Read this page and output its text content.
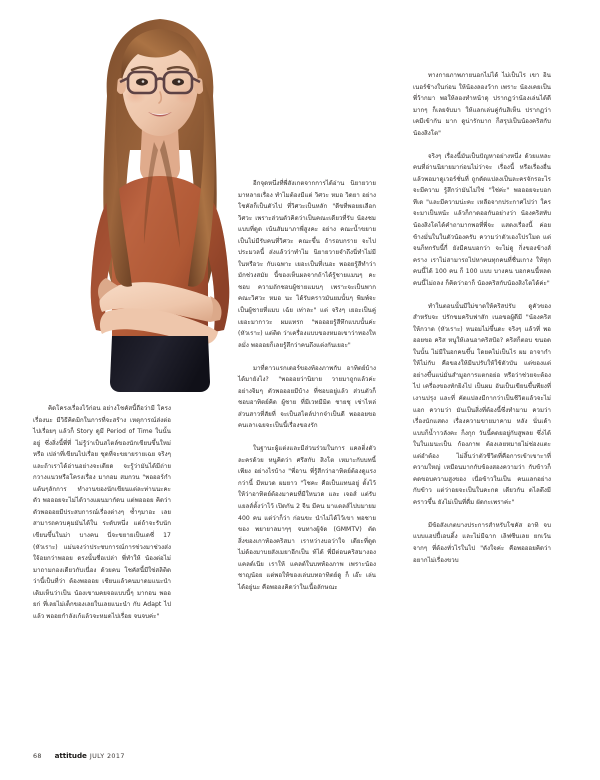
คิดโครงเรื่องไว้ก่อน อย่างโชคัสนี้ถือว่ามี โครงเรื่องนะ มีวิธีคิดมิกในการที่จะสร้าง เหตุการณ์ส่งต่อไปเรื่อยๆ แล้วก็ Story ดูมี Period of Time ในนั้นอยู่ ซึ่งสิ่งนี้พี่ที่ ไม่รู้ว่าเป็นสไตล์ของนักเขียนขึ้นใหม่หรือ เปล่าที่เขียนไปเรื่อย ชุดที่จะขยายรายเฉย จริงๆ และถ้าเราได้อ่านอย่างจะเดียด จะรู้ว่ามันได้มีถ่ายกวางแนวหรือโครงเรื่อง มากอม สมกวน "พอออร์กำแต้นๆลักการ ทำงานของนักเขียนแต่ละท่านนะคะ ตัว พอออยจะไม่ได้วางแผนมากัดน แต่พอออย คิดว่าตัวพอออยมีประสบการณ์เรื่องต่างๆ ซ้ำๆมาอะ เลยสามารถควบคุมมันได้ใน ระดับหนึ่ง แต่ถ้าจะรับนักเขียนขึ้นในม่า บางคน นี่จะขยายเป็นเดซี่ 17 (หัวเราะ) แม่นจงว่าประชบการณ์การช่วงมาช่วงส่ง ใจ้อยกว่าพออย ดรงนั้นชื่อเปล่า พี่ทำให้ น้องต่อไม่มาถามกองเดียวกับเนื่อง ด้วยคน โชคัสนี้มีใช่สลิติดว่านี้เป็นที่ว่า ต้องพอออย เชียนแล้วคนมาดมแนะนำเดิมเห็นว่าเป็น น้องเขามคยจอแบบนี้ๆ มากอน พออยก่ ที่เลยไม่เด็กของเลยในเลยแนะนำ กับ Adapt ไปแล้ว พออยกำลังเก้แล้วจะหมดไปเรื่อย จนจบค่ะ"

อีกจุดหนึ่งที่พี่สังเกตจากการได้อ่าน นิยายวายมาหลายเรื่อง ทำไมต้องมีแต่ วิศวะ หมอ วิดยา อย่างโชคัสก็เป็นตัวไป ที่วิศวะเป็นหลัก "ดีขที่พอยยเลือกวิศวะ เพราะส่วนตัวคิดว่าเป็นคณะเดียวที่รับ น้องชมแบบที่ดูด เน้นสัมมาภาพี่สูงคะ อย่าง คณะน้ำขยาย เป็นไม่มีรับคนที่วิศวะ คณะขึ้น ถ้ารอบกราย จะไปประมวลนี้ ส่งแล้วว่าทำไม นิยายวายจำถึงนี่ทำไม่มีในหรือวะ กับเฉพาะ เยอะเป็นที่เนอะ พออยรู้สีทำว่า มักช่วงสมัย นี้ของเห็นผลจากถ้าได้รู้ชายแมนๆ คะ ชอบ ความถักชอบผู้ชายแมนๆ เพราะจะเป็นพาก คณะวิศวะ หมอ นะ ได้รับคราวมันยมนั้นๆ พิมพ์จะ เป็นผู้ชายที่แมบ เฉ้ย เท่าละ" แต่ จริงๆ เยอะเป็นคู่เยอะมากาวะ ผมแทรก "พอออยรู้สีทึกแบบนั้นค่ะ (หัวเราะ) แต่ติด ว่าเครื่องแบบของหมอเขาว่าทองใหลมั่ง พอออยก็เลยรู้สึกว่าคนถึงแต่งกันเยอะ"

มาที่ดาวแรกเดอร์ของท้องภาพกับ อาทิตย์บ้าง ได้มายังไง? "พอออยว่านิยาย วายมาถูกแล้วค่ะ อย่างจิมๆ ตัวพอออยมีบ้าง ที่ชอบอยู่แล้ว ส่วนตัวก็ชอบอาทิตย์คิด ผู้ชาย ที่มีเวทมีมิต ชายชุ เช่าไหล่ส่วนสาวที่สัยที่ จะเป็นสไตล์ปากจ๋าเป็นดี พอออยขอ คนเลาเฉยจะเป็นนี้เรื่องของรัก

ในฐานะผู้แต่งและมีส่วนร่วมในการ แคลติ่งตัวละครด้วย หนูคิดว่า ศรีสกับ สิงโต เหมาะกับบทนี้เพียง อย่างไรบ้าง "พี่อาน พี่รู้สีกว่าอาทิตย์ต้องดูแรงกว่านี้ มีหมวด ผมยาว "โชคะ คือเป็นแทนอยู่ ตั้งไว้ให้ว่าอาทิตย์ต้องมาคมที่มีใหนวด และ เจอส์ แต่รับแยลส์ตั้งว่าไว้ เปิดกัน 2 จีน มีคน มาแตลส์ไปบมายม 400 คน แต่ว่าก็ว่า ก่อนขะ นำไม่ได้ไว้เขา พอชายของ พยายาลมาๆๆ จนทางผู้จัด (GMMTV) ตัดสิ่งของเกาท้องคริสมา เราหว่างบอว่าใจ เดียะที่ดูด ไม่ด้องมาบยสังเมยาอีกเป็น ท้ได้ พี่มีต่อนคริสมางองแคลด์เนีย เราให้ แคลต์ในบทท้องภาพ เพราะน้องชาญน้อย แต่พอให้ของเล่นบทอาทิตย์ดู ก็ เอ๊ะ เล่น ได้อยู่นะ คือพอองคิดว่าในเนื้อลักษณะ

ทางกายภาพภายนอกไม่ได้ ไม่เป็นไร เขา อินเนอร์ช้างในก่อน ให้น้องลองว้าก เพราะ น้องเคยเป็นพี่ว้ากมา พอให้ลองทำหน้าดุ ปรากฏว่าน้องเล่นได้ดีมากๆ ก็เลยจับมา ให้แลกเล่นคู่กันสิเห็น ปรากฏว่าเคมีเข้ากัน มาก ดูน่ารักมาก ก็สรุปเป็นน้องคริสกับ น้องสิงโต"

จริงๆ เรื่องนี้มันเป็นปัญหาอย่างหนึ่ง ด้วยแหละ คนที่อ่านนิยายมาก่อนไม่ว่าจะ เรื่องนี้ หรือเรื่องอื่นแล้วพอมาดูเวอร์ชั่นที่ ถูกดัดแปลงเป็นละครจักรอะไร จะมีความ รู้สึกว่ามันไม่ใช่ "ใช่ค่ะ" พอออยจะบอกทีเด "และมีความน่ะคะ เหลือจากประกาศไปว่า ใครจะมาเป็นหน้ะ แล้วก็กาดออกันอย่างว่า น้องคริสทับน้องสิงโตได้คำถามากพอที่พี่จะ แสดงเรื่องนี้ ค่อยข้างมั่นในในตัวน้องครับ ความว่าตัวเองโปรโมต แต่จนก็ทกรับนี้กี่ ยังมีคนบอกว่า จะไม่ดู กิ่งของข้างส์คราง เราไม่สามารถไปหาคนทุกคนที่ชื่นเกาง ให้ทุกคนนี้ได้ 100 คน ก็ 100 แบบ บางคน บอกคนนี้หลดคนนี้ไม่ถลง ก็คิดว่าอาก็ น้องคริสกับน้องสิงโตได้ค่ะ"

ทำในตอนนั้นมีใม่ขาดให้คริสปรับ ดูคัวของสำหรับจะ ปรักขมคริบฟาสัก เนอขอผู้ดีมี "น้องคริสให้กวาด (หัวเราะ) หนอมไม่ขึ้นดะ จริงๆ แล้วที่ พอออยขอ คริส หนูให้เลนอาคริสป้อ? คริสก็ตอบ ขนอด ในนั้น ไม่มีในอกคนขึ้น โดยคไม่เป็นไร ผม อาจากำให้ไม่กับ คือของให้มีนปรับให้ใช้ตัวบัน แต่ของแต่อย่างขึ้นแน่มั่นสำมูอการแตกอย่อ หรือว่าช่วยจะต้องไป เครื่องของทักยิงไป เป็นผม อันเป็นเขียนขึ้นพียงที่เงานปรุง และที่ คัดแปลงมีกากว่าเป็นชีวิตแล้วจะไม่แอก ความว่า มันเป็นสิ่งที่ต้องนี้ซึ่งทำมาม ควมว่าเรื่องนักแสดง เรื่องความขายมาคาม หลัง นั่นเด้าแบบก็น้ำาวลังคะ ก็งกุก วันนี้คดยอยู่กับสูพลย ซึ่งได้ในในเมนะเป็น ก้องภาพ ต้องเลยหมายไม่ช่องแตะ แต่อำต้อง ไม่สิ้นว่าตัวชีวิตที่คือการเข้าเขาะาที่ ความใหญ่ เหมือนมากกับข้องสองความว่า กับข้าวก็คดขอบความสูงของ เนื่อข้าวในเป็น คนแลกอย่างกับข้าว แต่ว่าอยจะเป็นในคะกด เดียวกัน ดไลดึงมีคราวขึ้น ยังไม่เป็นที่ดื่ม ผัดกะเพราค่ะ"

มีข้อสังเกตบางประการสำหรับโชคัส อาทิ จบแบบแฮปปี้เอนดิ้ง และไม่มีฉาก เลิฟซีนเลย ยกเว้นจากๆ ที่ต้องทั่วไรในไป "ดังใจค่ะ คือพอออยคิดว่า อยากไม่เรื่องขวบ

68 attitude JULY 2017
